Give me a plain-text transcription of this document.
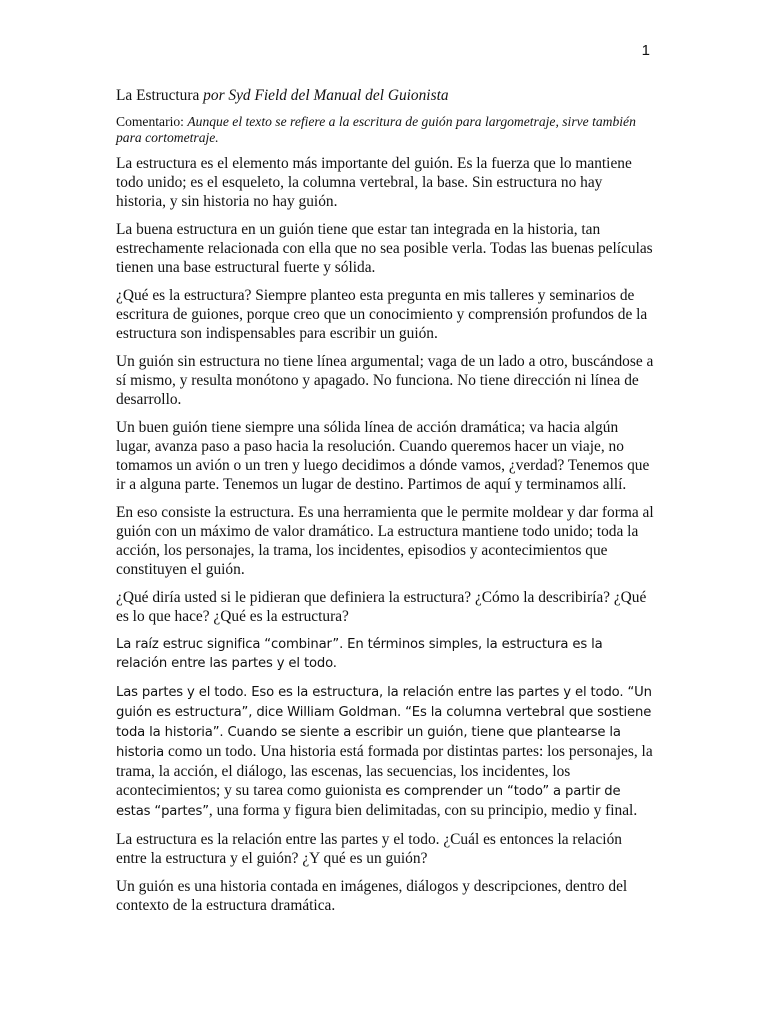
1

La Estructura por Syd Field del Manual del Guionista

Comentario: Aunque el texto se refiere a la escritura de guión para largometraje, sirve también para cortometraje.

La estructura es el elemento más importante del guión. Es la fuerza que lo mantiene todo unido; es el esqueleto, la columna vertebral, la base. Sin estructura no hay historia, y sin historia no hay guión.

La buena estructura en un guión tiene que estar tan integrada en la historia, tan estrechamente relacionada con ella que no sea posible verla. Todas las buenas películas tienen una base estructural fuerte y sólida.

¿Qué es la estructura? Siempre planteo esta pregunta en mis talleres y seminarios de escritura de guiones, porque creo que un conocimiento y comprensión profundos de la estructura son indispensables para escribir un guión.

Un guión sin estructura no tiene línea argumental; vaga de un lado a otro, buscándose a sí mismo, y resulta monótono y apagado. No funciona. No tiene dirección ni línea de desarrollo.

Un buen guión tiene siempre una sólida línea de acción dramática; va hacia algún lugar, avanza paso a paso hacia la resolución. Cuando queremos hacer un viaje, no tomamos un avión o un tren y luego decidimos a dónde vamos, ¿verdad? Tenemos que ir a alguna parte. Tenemos un lugar de destino. Partimos de aquí y terminamos allí.

En eso consiste la estructura. Es una herramienta que le permite moldear y dar forma al guión con un máximo de valor dramático. La estructura mantiene todo unido; toda la acción, los personajes, la trama, los incidentes, episodios y acontecimientos que constituyen el guión.

¿Qué diría usted si le pidieran que definiera la estructura? ¿Cómo la describiría? ¿Qué es lo que hace? ¿Qué es la estructura?

La raíz estruc significa “combinar”. En términos simples, la estructura es la relación entre las partes y el todo.

Las partes y el todo. Eso es la estructura, la relación entre las partes y el todo. “Un guión es estructura”, dice William Goldman. “Es la columna vertebral que sostiene toda la historia”. Cuando se siente a escribir un guión, tiene que plantearse la historia como un todo. Una historia está formada por distintas partes: los personajes, la trama, la acción, el diálogo, las escenas, las secuencias, los incidentes, los acontecimientos; y su tarea como guionista es comprender un “todo” a partir de estas “partes”, una forma y figura bien delimitadas, con su principio, medio y final.

La estructura es la relación entre las partes y el todo. ¿Cuál es entonces la relación entre la estructura y el guión? ¿Y qué es un guión?

Un guión es una historia contada en imágenes, diálogos y descripciones, dentro del contexto de la estructura dramática.
